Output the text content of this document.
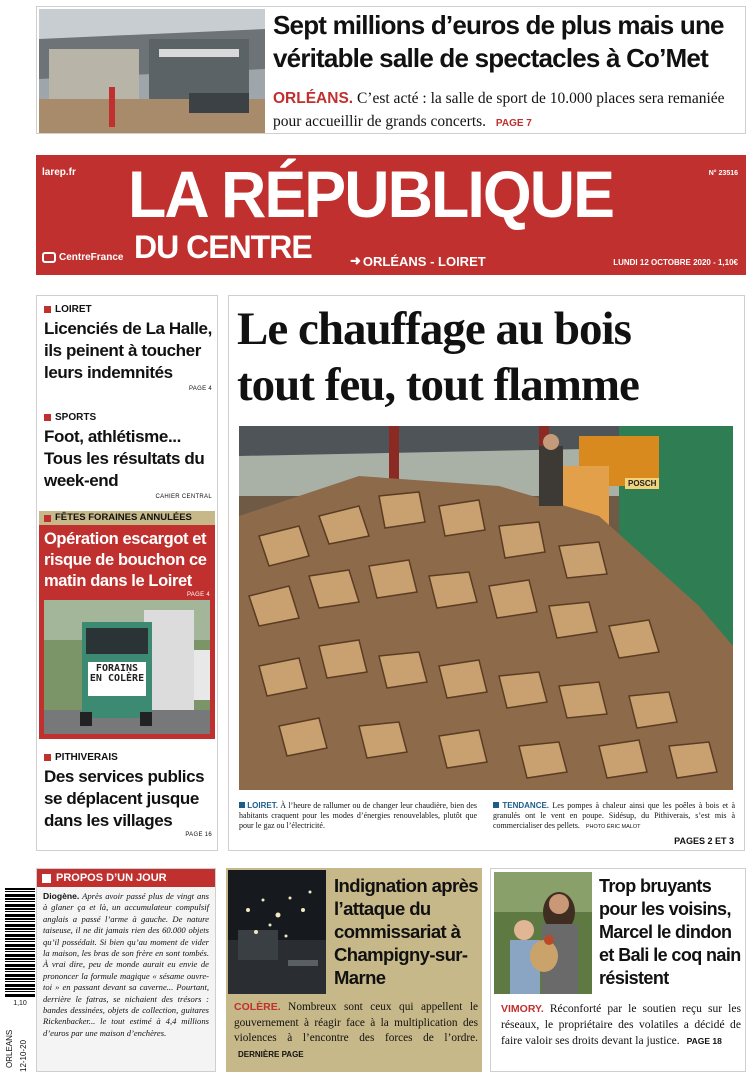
Sept millions d’euros de plus mais une véritable salle de spectacles à Co’Met
ORLÉANS. C’est acté : la salle de sport de 10.000 places sera remaniée pour accueillir de grands concerts. PAGE 7
larep.fr	N° 23516
LA RÉPUBLIQUE
DU CENTRE
CentreFrance	➜ ORLÉANS - LOIRET	LUNDI 12 OCTOBRE 2020 - 1,10€
LOIRET
Licenciés de La Halle, ils peinent à toucher leurs indemnités
PAGE 4
SPORTS
Foot, athlétisme... Tous les résultats du week-end
CAHIER CENTRAL
FÊTES FORAINES ANNULÉES
Opération escargot et risque de bouchon ce matin dans le Loiret
PAGE 4
FORAINS EN COLÈRE
PITHIVERAIS
Des services publics se déplacent jusque dans les villages
PAGE 16
Le chauffage au bois
tout feu, tout flamme
POSCH
LOIRET. À l’heure de rallumer ou de changer leur chaudière, bien des habitants craquent pour les modes d’énergies renouvelables, plutôt que pour le gaz ou l’électricité.
TENDANCE. Les pompes à chaleur ainsi que les poêles à bois et à granulés ont le vent en poupe. Sidésup, du Pithiverais, s’est mis à commercialiser des pellets. PHOTO ÉRIC MALOT
PAGES 2 ET 3
1,10
ORLEANS 12-10-20
PROPOS D’UN JOUR
Diogène. Après avoir passé plus de vingt ans à glaner ça et là, un accumulateur compulsif anglais a passé l’arme à gauche. De nature taiseuse, il ne dit jamais rien des 60.000 objets qu’il possédait. Si bien qu’au moment de vider la maison, les bras de son frère en sont tombés. À vrai dire, peu de monde aurait eu envie de prononcer la formule magique « sésame ouvre-toi » en passant devant sa caverne... Pourtant, derrière le fatras, se nichaient des trésors : bandes dessinées, objets de collection, guitares Rickenbacker... le tout estimé à 4,4 millions d’euros par une maison d’enchères.
Indignation après l’attaque du commissariat à Champigny-sur-Marne
COLÈRE. Nombreux sont ceux qui appellent le gouvernement à réagir face à la multiplication des violences à l’encontre des forces de l’ordre. DERNIÈRE PAGE
Trop bruyants pour les voisins, Marcel le dindon et Bali le coq nain résistent
VIMORY. Réconforté par le soutien reçu sur les réseaux, le propriétaire des volatiles a décidé de faire valoir ses droits devant la justice. PAGE 18
